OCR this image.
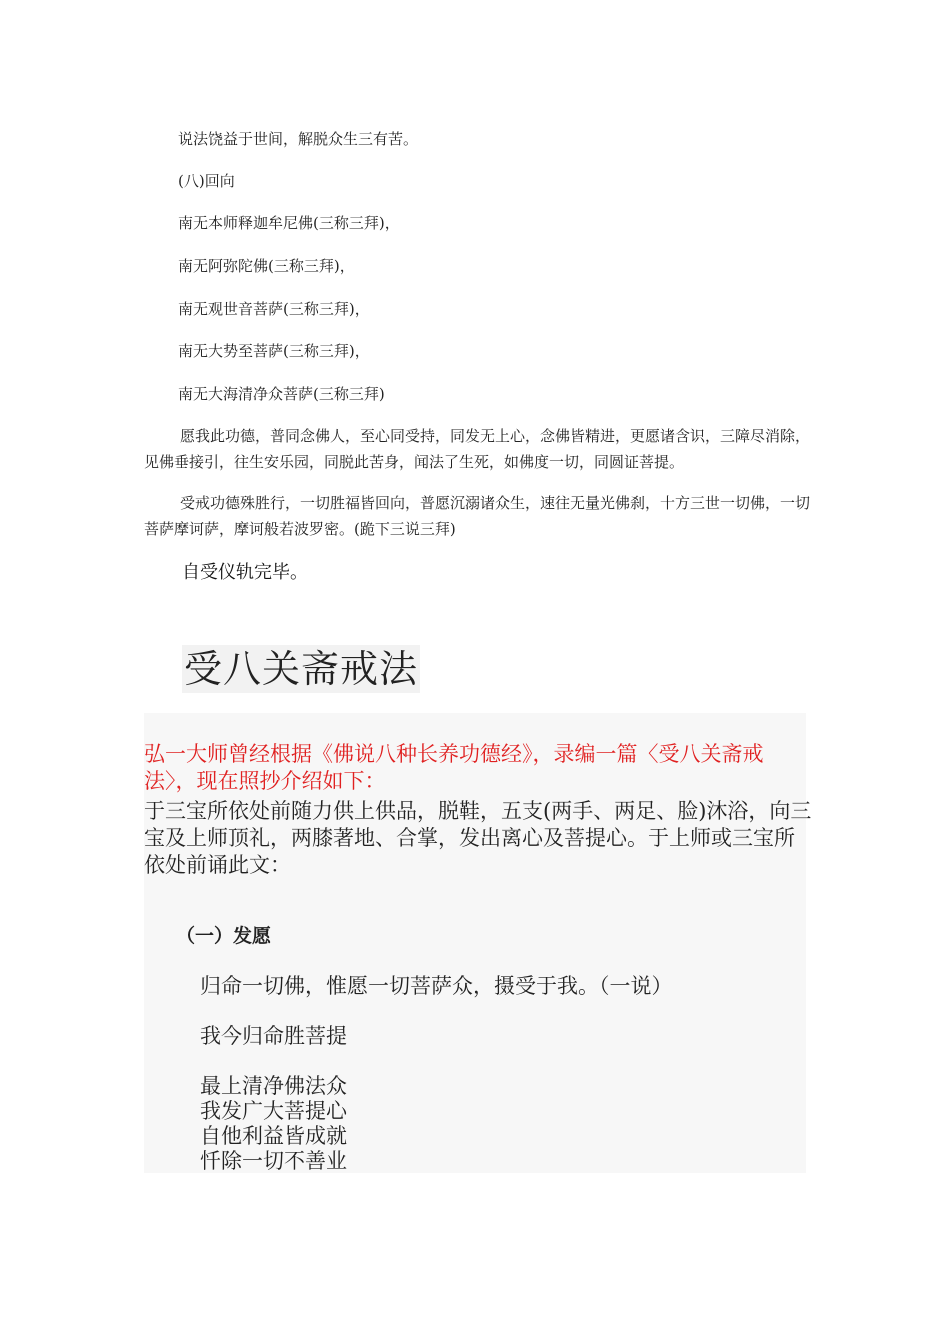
说法饶益于世间，解脱众生三有苦。
(八)回向
南无本师释迦牟尼佛(三称三拜)，
南无阿弥陀佛(三称三拜)，
南无观世音菩萨(三称三拜)，
南无大势至菩萨(三称三拜)，
南无大海清净众菩萨(三称三拜)
愿我此功德，普同念佛人，至心同受持，同发无上心，念佛皆精进，更愿诸含识，三障尽消除，见佛垂接引，往生安乐园，同脱此苦身，闻法了生死，如佛度一切，同圆证菩提。
受戒功德殊胜行，一切胜福皆回向，普愿沉溺诸众生，速往无量光佛刹，十方三世一切佛，一切菩萨摩诃萨，摩诃般若波罗密。(跪下三说三拜)
自受仪轨完毕。
受八关斋戒法
弘一大师曾经根据《佛说八种长养功德经》，录编一篇〈受八关斋戒法〉，现在照抄介绍如下：
于三宝所依处前随力供上供品，脱鞋，五支(两手、两足、脸)沐浴，向三宝及上师顶礼，两膝著地、合掌，发出离心及菩提心。于上师或三宝所依处前诵此文：
（一）发愿
归命一切佛，惟愿一切菩萨众，摄受于我。（一说）
我今归命胜菩提
最上清净佛法众
我发广大菩提心
自他利益皆成就
忏除一切不善业
